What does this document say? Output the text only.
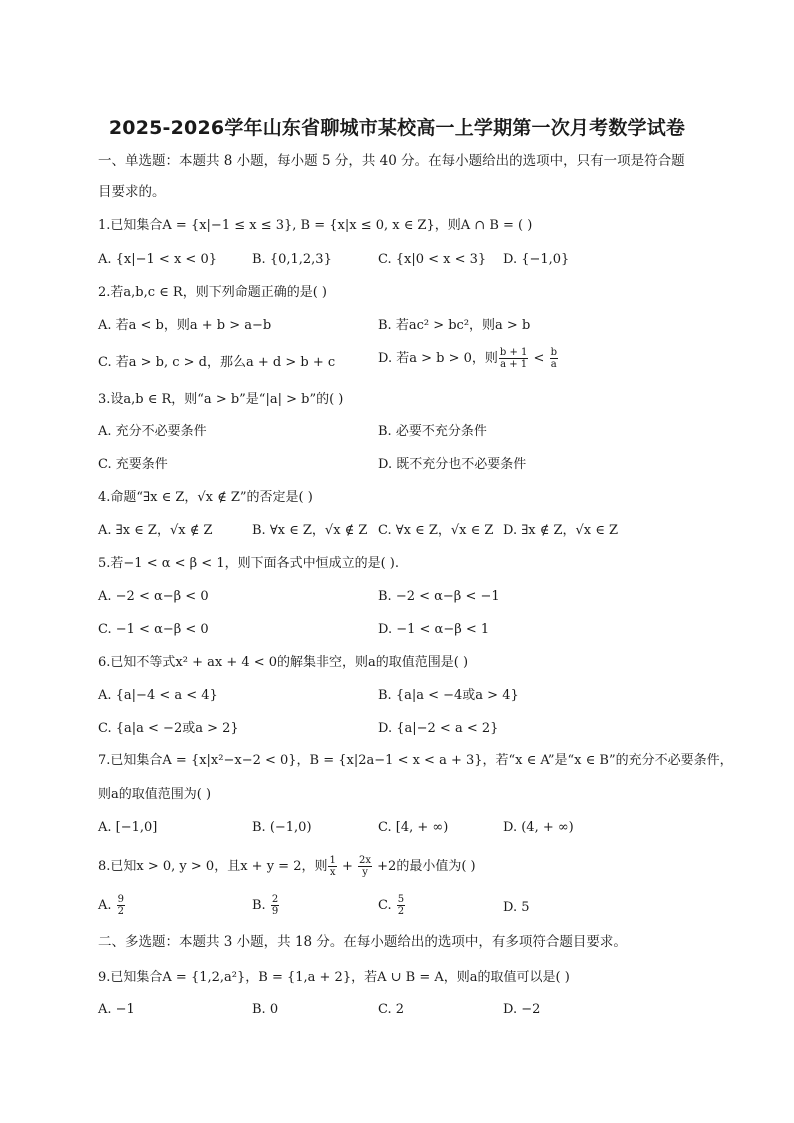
2025-2026学年山东省聊城市某校高一上学期第一次月考数学试卷
一、单选题：本题共 8 小题，每小题 5 分，共 40 分。在每小题给出的选项中，只有一项是符合题
目要求的。
1.已知集合A = {x|−1 ≤ x ≤ 3}, B = {x|x ≤ 0, x ∈ Z}，则A ∩ B = ( )
A. {x|−1 < x < 0}	B. {0,1,2,3}	C. {x|0 < x < 3} D. {−1,0}
2.若a,b,c ∈ R，则下列命题正确的是( )
A. 若a < b，则a + b > a−b	B. 若ac² > bc²，则a > b
C. 若a > b, c > d，那么a + d > b + c	D. 若a > b > 0，则 $\frac{b + 1}{a + 1} < \frac{b}{a}$
3.设a,b ∈ R，则“a > b”是“|a| > b”的( )
A. 充分不必要条件	B. 必要不充分条件
C. 充要条件	D. 既不充分也不必要条件
4.命题“∃x ∈ Z，√x ∉ Z”的否定是( )
A. ∃x ∈ Z，√x ∉ Z	B. ∀x ∈ Z，√x ∉ Z C. ∀x ∈ Z，√x ∈ Z D. ∃x ∉ Z，√x ∈ Z
5.若−1 < α < β < 1，则下面各式中恒成立的是( ).
A. −2 < α−β < 0	B. −2 < α−β < −1
C. −1 < α−β < 0	D. −1 < α−β < 1
6.已知不等式x² + ax + 4 < 0的解集非空，则a的取值范围是( )
A. {a|−4 < a < 4}	B. {a|a < −4或a > 4}
C. {a|a < −2或a > 2}	D. {a|−2 < a < 2}
7.已知集合A = {x|x²−x−2 < 0}，B = {x|2a−1 < x < a + 3}，若“x ∈ A”是“x ∈ B”的充分不必要条件，
则a的取值范围为( )
A. [−1,0]	B. (−1,0)	C. [4, + ∞)	D. (4, + ∞)
8.已知x > 0, y > 0，且x + y = 2，则 $\frac{1}{x} + \frac{2x}{y} +2$的最小值为( )
A. $\frac{9}{2}$	B. $\frac{2}{9}$	C. $\frac{5}{2}$	D. 5
二、多选题：本题共 3 小题，共 18 分。在每小题给出的选项中，有多项符合题目要求。
9.已知集合A = {1,2,a²}，B = {1,a + 2}，若A ∪ B = A，则a的取值可以是( )
A. −1	B. 0	C. 2	D. −2
